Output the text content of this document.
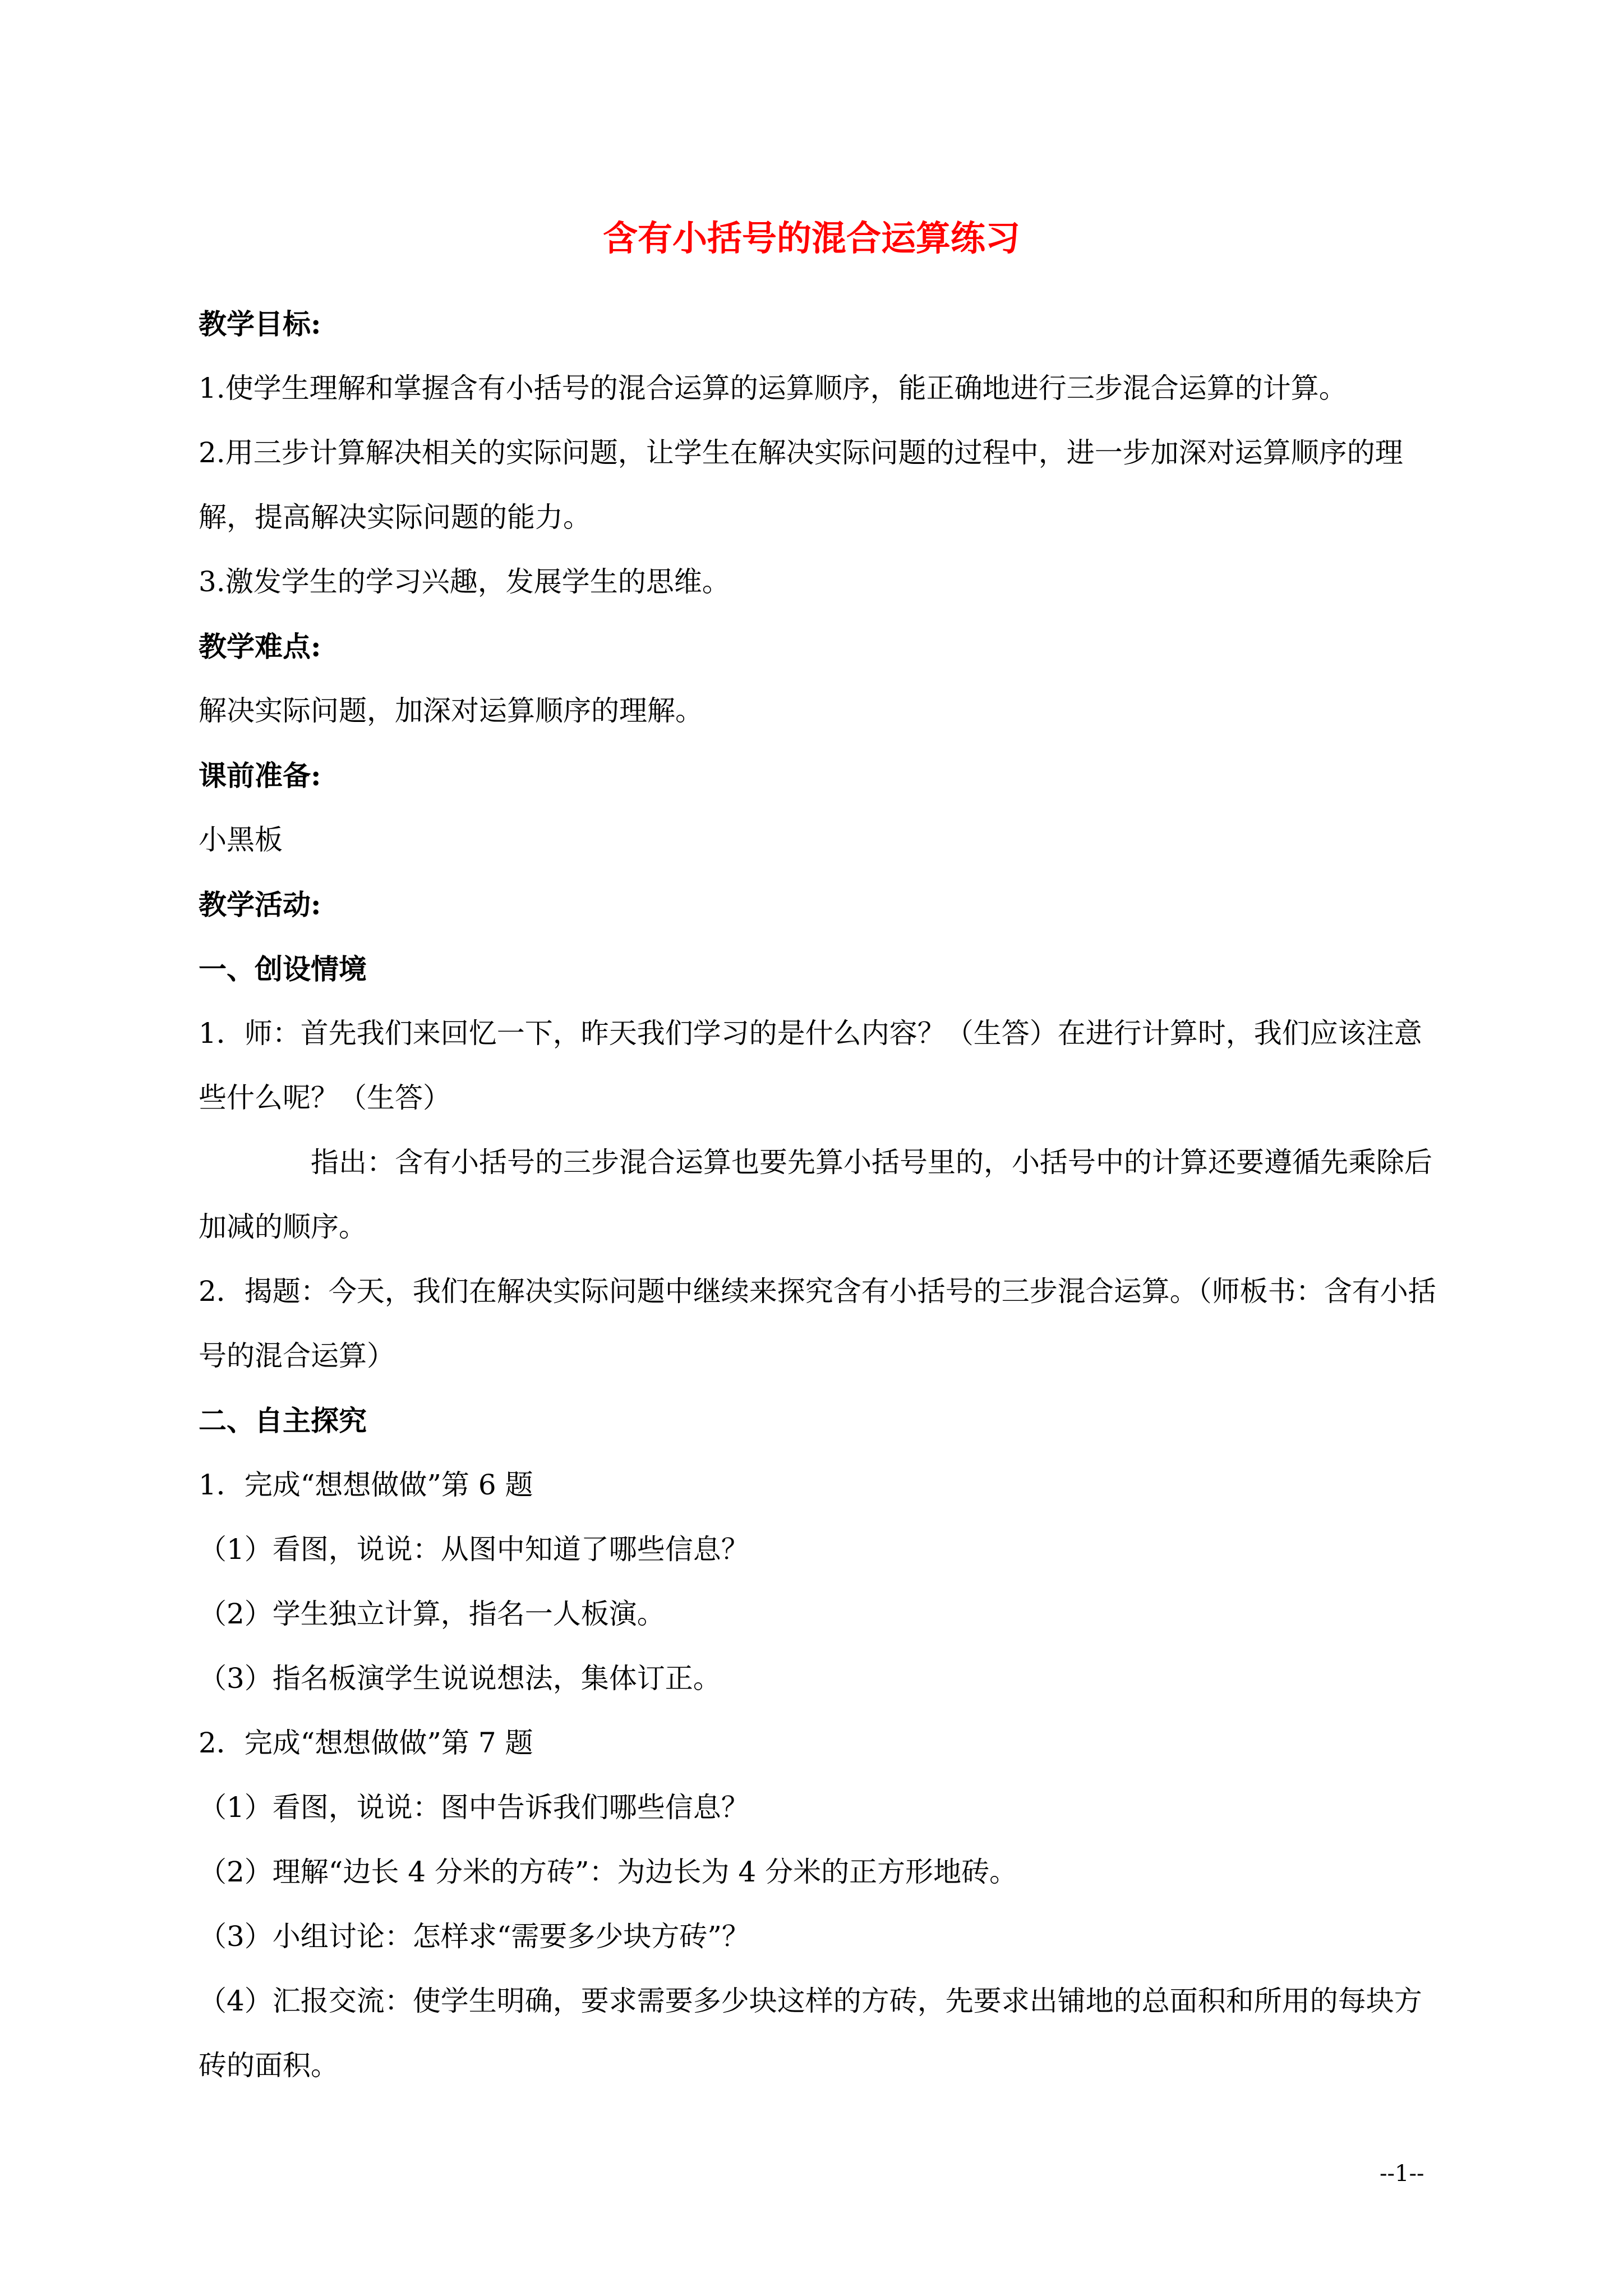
含有小括号的混合运算练习

教学目标:

1.使学生理解和掌握含有小括号的混合运算的运算顺序，能正确地进行三步混合运算的计算。

2.用三步计算解决相关的实际问题，让学生在解决实际问题的过程中，进一步加深对运算顺序的理解，提高解决实际问题的能力。

3.激发学生的学习兴趣，发展学生的思维。

教学难点:

解决实际问题，加深对运算顺序的理解。

课前准备:

小黑板

教学活动:

一、创设情境

1．师：首先我们来回忆一下，昨天我们学习的是什么内容？（生答）在进行计算时，我们应该注意些什么呢？（生答）

指出：含有小括号的三步混合运算也要先算小括号里的，小括号中的计算还要遵循先乘除后加减的顺序。

2．揭题：今天，我们在解决实际问题中继续来探究含有小括号的三步混合运算。（师板书：含有小括号的混合运算）

二、自主探究

1．完成“想想做做”第 6 题

（1）看图，说说：从图中知道了哪些信息？

（2）学生独立计算，指名一人板演。

（3）指名板演学生说说想法，集体订正。

2．完成“想想做做”第 7 题

（1）看图，说说：图中告诉我们哪些信息？

（2）理解“边长 4 分米的方砖”：为边长为 4 分米的正方形地砖。

（3）小组讨论：怎样求“需要多少块方砖”？

（4）汇报交流：使学生明确，要求需要多少块这样的方砖，先要求出铺地的总面积和所用的每块方砖的面积。

--1--
